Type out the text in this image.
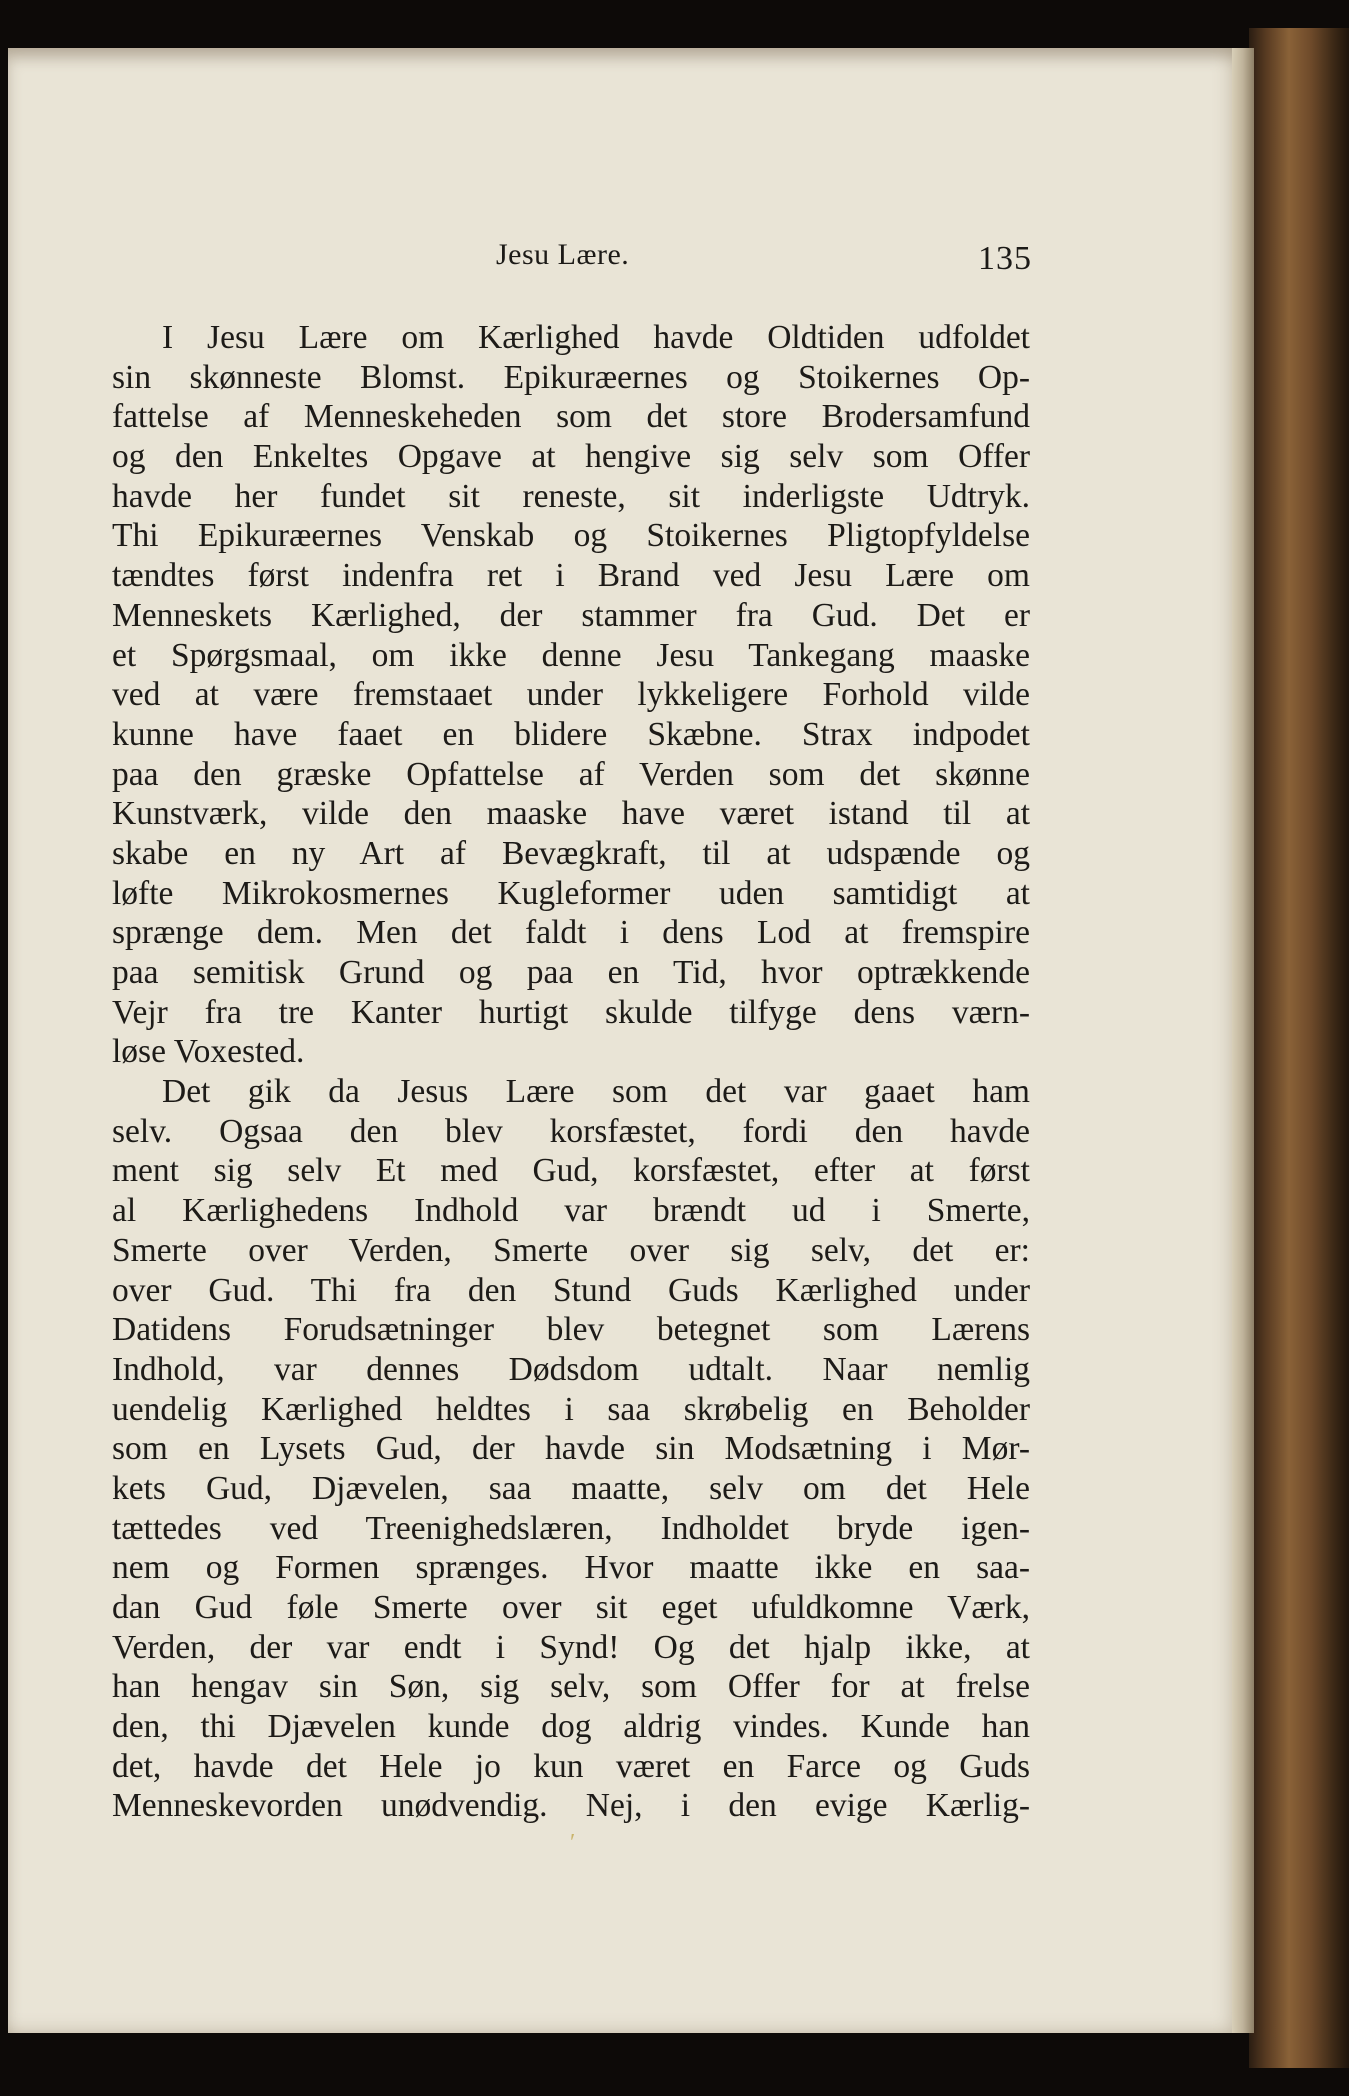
Jesu Lære.	135
I Jesu Lære om Kærlighed havde Oldtiden udfoldet
sin skønneste Blomst. Epikuræernes og Stoikernes Op-
fattelse af Menneskeheden som det store Brodersamfund
og den Enkeltes Opgave at hengive sig selv som Offer
havde her fundet sit reneste, sit inderligste Udtryk.
Thi Epikuræernes Venskab og Stoikernes Pligtopfyldelse
tændtes først indenfra ret i Brand ved Jesu Lære om
Menneskets Kærlighed, der stammer fra Gud. Det er
et Spørgsmaal, om ikke denne Jesu Tankegang maaske
ved at være fremstaaet under lykkeligere Forhold vilde
kunne have faaet en blidere Skæbne. Strax indpodet
paa den græske Opfattelse af Verden som det skønne
Kunstværk, vilde den maaske have været istand til at
skabe en ny Art af Bevægkraft, til at udspænde og
løfte Mikrokosmernes Kugleformer uden samtidigt at
sprænge dem. Men det faldt i dens Lod at fremspire
paa semitisk Grund og paa en Tid, hvor optrækkende
Vejr fra tre Kanter hurtigt skulde tilfyge dens værn-
løse Voxested.
Det gik da Jesus Lære som det var gaaet ham
selv. Ogsaa den blev korsfæstet, fordi den havde
ment sig selv Et med Gud, korsfæstet, efter at først
al Kærlighedens Indhold var brændt ud i Smerte,
Smerte over Verden, Smerte over sig selv, det er:
over Gud. Thi fra den Stund Guds Kærlighed under
Datidens Forudsætninger blev betegnet som Lærens
Indhold, var dennes Dødsdom udtalt. Naar nemlig
uendelig Kærlighed heldtes i saa skrøbelig en Beholder
som en Lysets Gud, der havde sin Modsætning i Mør-
kets Gud, Djævelen, saa maatte, selv om det Hele
tættedes ved Treenighedslæren, Indholdet bryde igen-
nem og Formen sprænges. Hvor maatte ikke en saa-
dan Gud føle Smerte over sit eget ufuldkomne Værk,
Verden, der var endt i Synd! Og det hjalp ikke, at
han hengav sin Søn, sig selv, som Offer for at frelse
den, thi Djævelen kunde dog aldrig vindes. Kunde han
det, havde det Hele jo kun været en Farce og Guds
Menneskevorden unødvendig. Nej, i den evige Kærlig-
′
